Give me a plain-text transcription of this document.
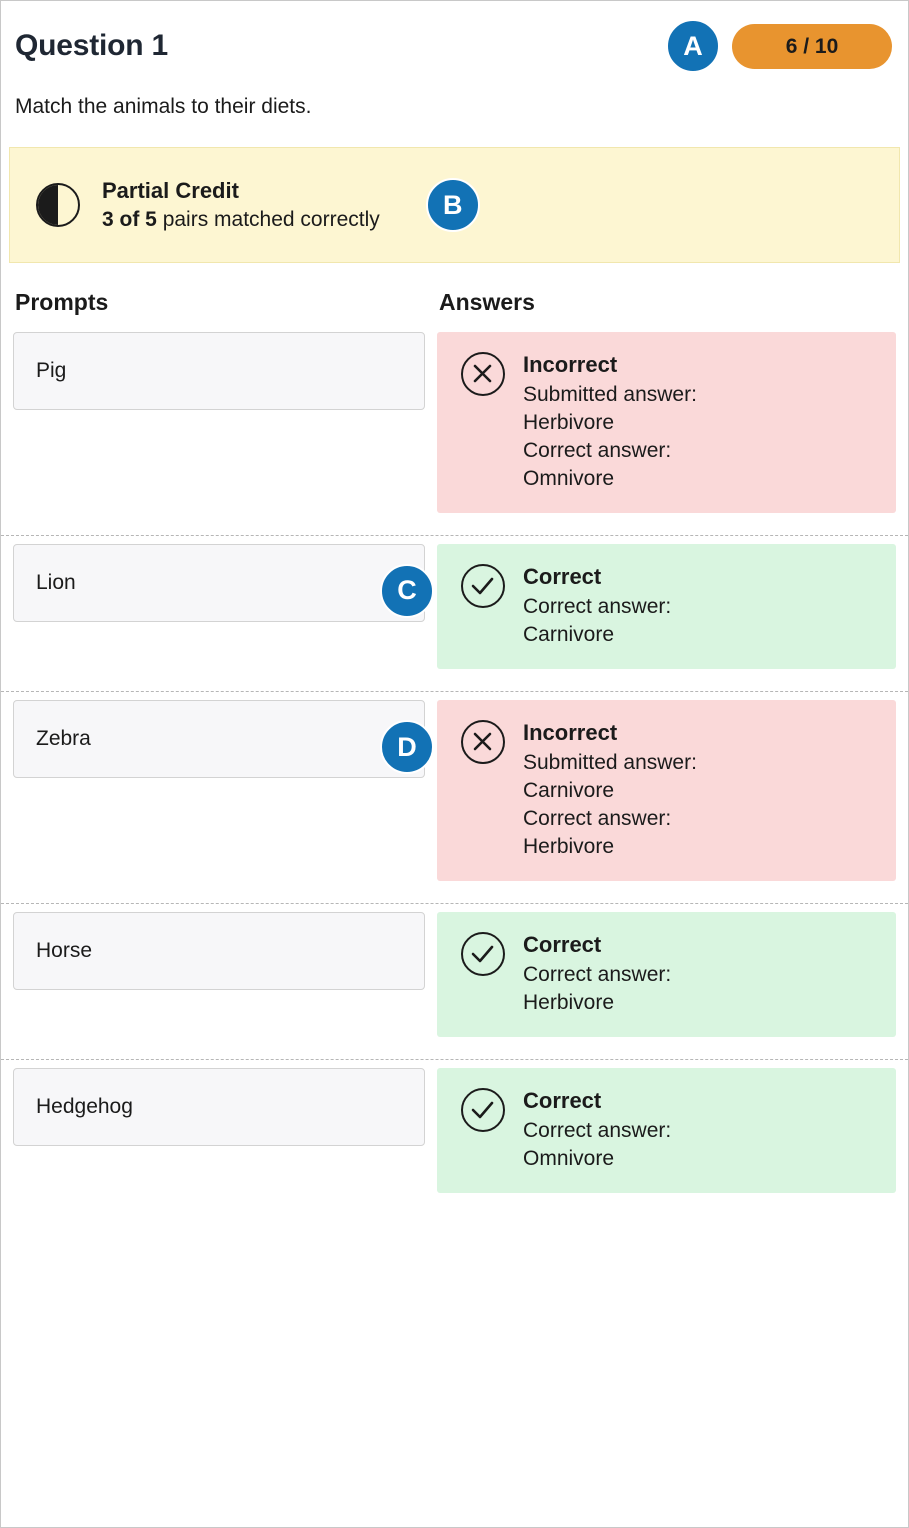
Question 1	A	6 / 10
Match the animals to their diets.
Partial Credit
3 of 5 pairs matched correctly	B
Prompts	Answers
Pig	Incorrect
Submitted answer:
Herbivore
Correct answer:
Omnivore
Lion	Correct
Correct answer:
Carnivore
C
Zebra	Incorrect
Submitted answer:
Carnivore
Correct answer:
Herbivore
D
Horse	Correct
Correct answer:
Herbivore
Hedgehog	Correct
Correct answer:
Omnivore
